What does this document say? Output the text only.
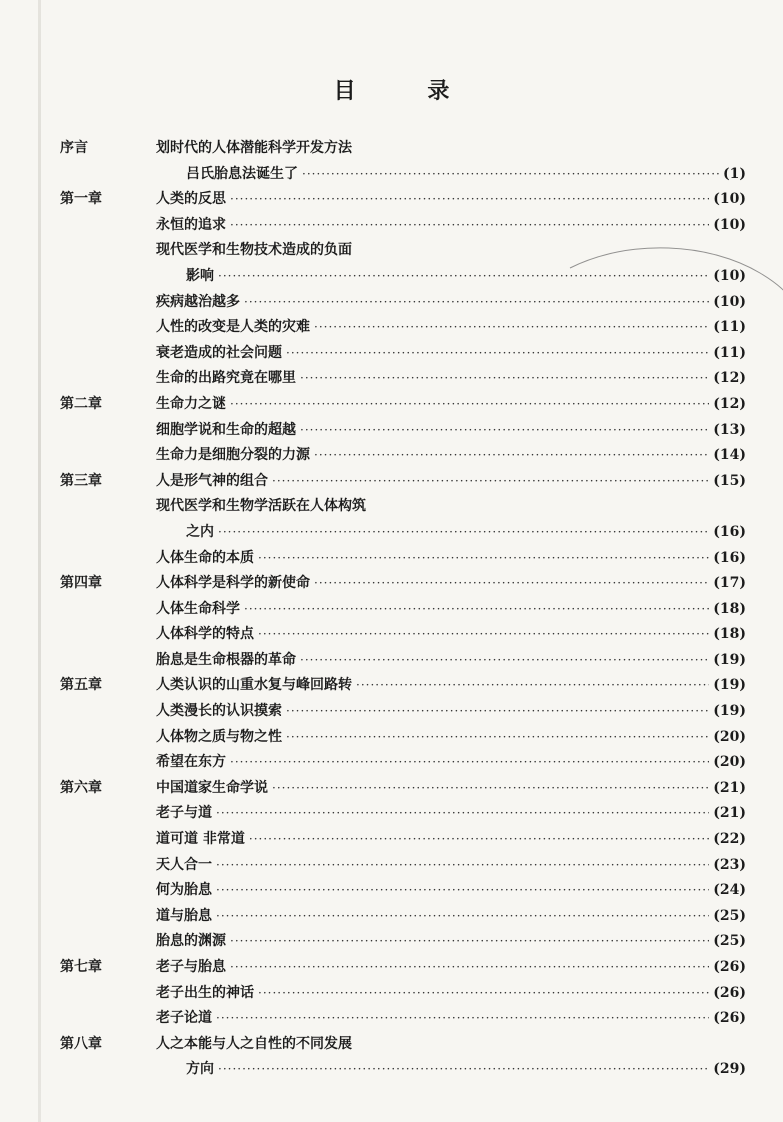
目 录
序言	划时代的人体潜能科学开发方法
吕氏胎息法诞生了 ·····	(1)
第一章	人类的反思 ·····	(10)
永恒的追求 ·····	(10)
现代医学和生物技术造成的负面
影响 ·····	(10)
疾病越治越多 ·····	(10)
人性的改变是人类的灾难 ·····	(11)
衰老造成的社会问题 ·····	(11)
生命的出路究竟在哪里 ·····	(12)
第二章	生命力之谜 ·····	(12)
细胞学说和生命的超越 ·····	(13)
生命力是细胞分裂的力源 ·····	(14)
第三章	人是形气神的组合 ·····	(15)
现代医学和生物学活跃在人体构筑
之内 ·····	(16)
人体生命的本质 ·····	(16)
第四章	人体科学是科学的新使命 ·····	(17)
人体生命科学 ·····	(18)
人体科学的特点 ·····	(18)
胎息是生命根器的革命 ·····	(19)
第五章	人类认识的山重水复与峰回路转 ·····	(19)
人类漫长的认识摸索 ·····	(19)
人体物之质与物之性 ·····	(20)
希望在东方 ·····	(20)
第六章	中国道家生命学说 ·····	(21)
老子与道 ·····	(21)
道可道 非常道 ·····	(22)
天人合一 ·····	(23)
何为胎息 ·····	(24)
道与胎息 ·····	(25)
胎息的渊源 ·····	(25)
第七章	老子与胎息 ·····	(26)
老子出生的神话 ·····	(26)
老子论道 ·····	(26)
第八章	人之本能与人之自性的不同发展
方向 ·····	(29)
